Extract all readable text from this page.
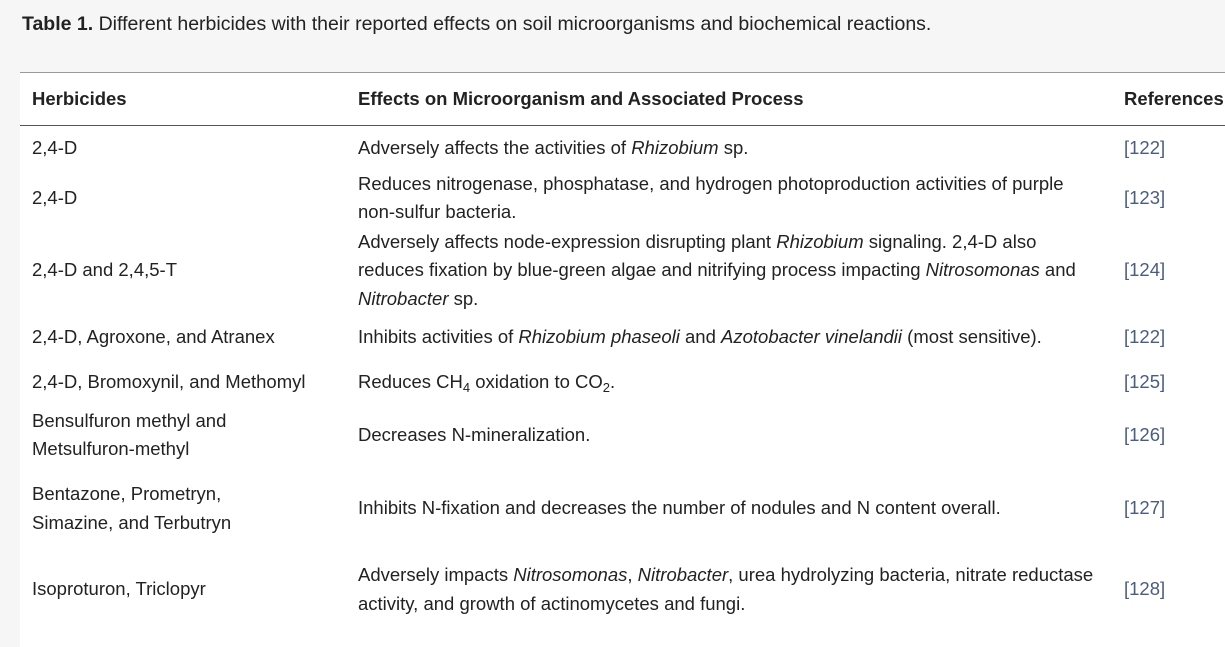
Table 1. Different herbicides with their reported effects on soil microorganisms and biochemical reactions.
Herbicides	Effects on Microorganism and Associated Process	References
2,4-D	Adversely affects the activities of Rhizobium sp.	[122]
2,4-D	Reduces nitrogenase, phosphatase, and hydrogen photoproduction activities of purple non-sulfur bacteria.	[123]
2,4-D and 2,4,5-T	Adversely affects node-expression disrupting plant Rhizobium signaling. 2,4-D also reduces fixation by blue-green algae and nitrifying process impacting Nitrosomonas and Nitrobacter sp.	[124]
2,4-D, Agroxone, and Atranex	Inhibits activities of Rhizobium phaseoli and Azotobacter vinelandii (most sensitive).	[122]
2,4-D, Bromoxynil, and Methomyl	Reduces $CH_4$ oxidation to $CO_2$.	[125]
Bensulfuron methyl and Metsulfuron-methyl	Decreases N-mineralization.	[126]
Bentazone, Prometryn, Simazine, and Terbutryn	Inhibits N-fixation and decreases the number of nodules and N content overall.	[127]
Isoproturon, Triclopyr	Adversely impacts Nitrosomonas, Nitrobacter, urea hydrolyzing bacteria, nitrate reductase activity, and growth of actinomycetes and fungi.	[128]
